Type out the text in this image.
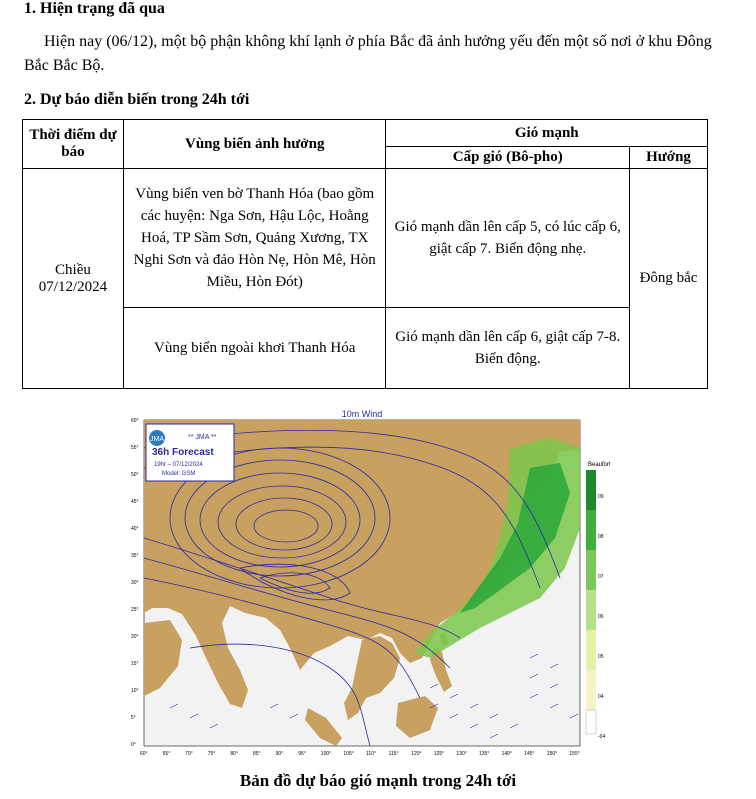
1. Hiện trạng đã qua
Hiện nay (06/12), một bộ phận không khí lạnh ở phía Bắc đã ảnh hưởng yếu đến một số nơi ở khu Đông Bắc Bắc Bộ.
2. Dự báo diễn biến trong 24h tới
Thời điểm dự báo	Vùng biển ảnh hưởng	Gió mạnh	
		Cấp gió (Bô-pho)	Hướng
Chiều 07/12/2024	Vùng biển ven bờ Thanh Hóa (bao gồm các huyện: Nga Sơn, Hậu Lộc, Hoằng Hoá, TP Sầm Sơn, Quảng Xương, TX Nghi Sơn và đảo Hòn Nẹ, Hòn Mê, Hòn Miều, Hòn Đót)	Gió mạnh dần lên cấp 5, có lúc cấp 6, giật cấp 7. Biển động nhẹ.	Đông bắc
	Vùng biển ngoài khơi Thanh Hóa	Gió mạnh dần lên cấp 6, giật cấp 7-8. Biển động.	
10m Wind
JMA	** JMA **
36h Forecast
19hr – 07/12/2024
Model: GSM
Beaufort
09
08
07
06
05
04
-04
60°
55°
50°
45°
40°
35°
30°
25°
20°
15°
10°
5°
0°
60°	65°	70°	75°	80°	85°	90°	95°	100° 105° 110°	115°	120° 125° 130° 135° 140° 145° 150° 155°
Bản đồ dự báo gió mạnh trong 24h tới
